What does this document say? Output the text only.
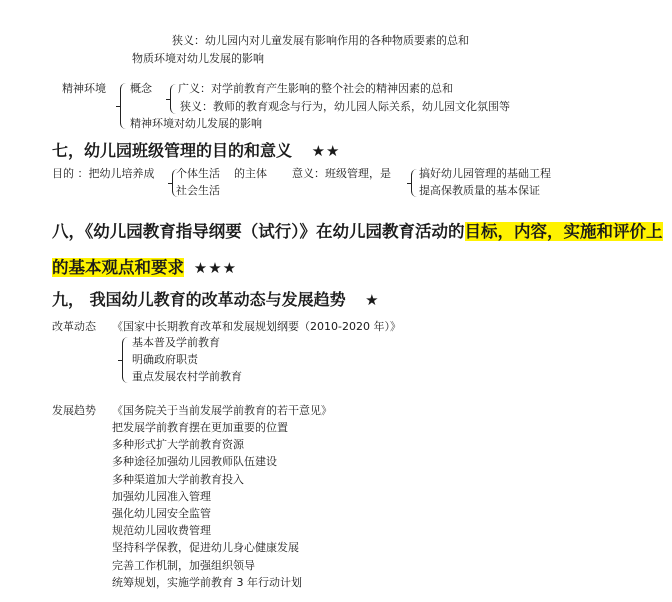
狭义：幼儿园内对儿童发展有影响作用的各种物质要素的总和
物质环境对幼儿发展的影响
精神环境 概念 广义：对学前教育产生影响的整个社会的精神因素的总和
狭义：教师的教育观念与行为，幼儿园人际关系，幼儿园文化氛围等
精神环境对幼儿发展的影响
七，幼儿园班级管理的目的和意义 ★★
目的 ：把幼儿培养成 个体生活
社会生活
的主体 意义：班级管理，是	搞好幼儿园管理的基础工程
提高保教质量的基本保证
八，《幼儿园教育指导纲要（试行）》在幼儿园教育活动的目标，内容，实施和评价上
的基本观点和要求 ★★★
九， 我国幼儿教育的改革动态与发展趋势 ★
改革动态 《国家中长期教育改革和发展规划纲要（2010-2020 年）》
基本普及学前教育
明确政府职责
重点发展农村学前教育
发展趋势 《国务院关于当前发展学前教育的若干意见》
把发展学前教育摆在更加重要的位置
多种形式扩大学前教育资源
多种途径加强幼儿园教师队伍建设
多种渠道加大学前教育投入
加强幼儿园准入管理
强化幼儿园安全监管
规范幼儿园收费管理
坚持科学保教，促进幼儿身心健康发展
完善工作机制，加强组织领导
统筹规划，实施学前教育 3 年行动计划
